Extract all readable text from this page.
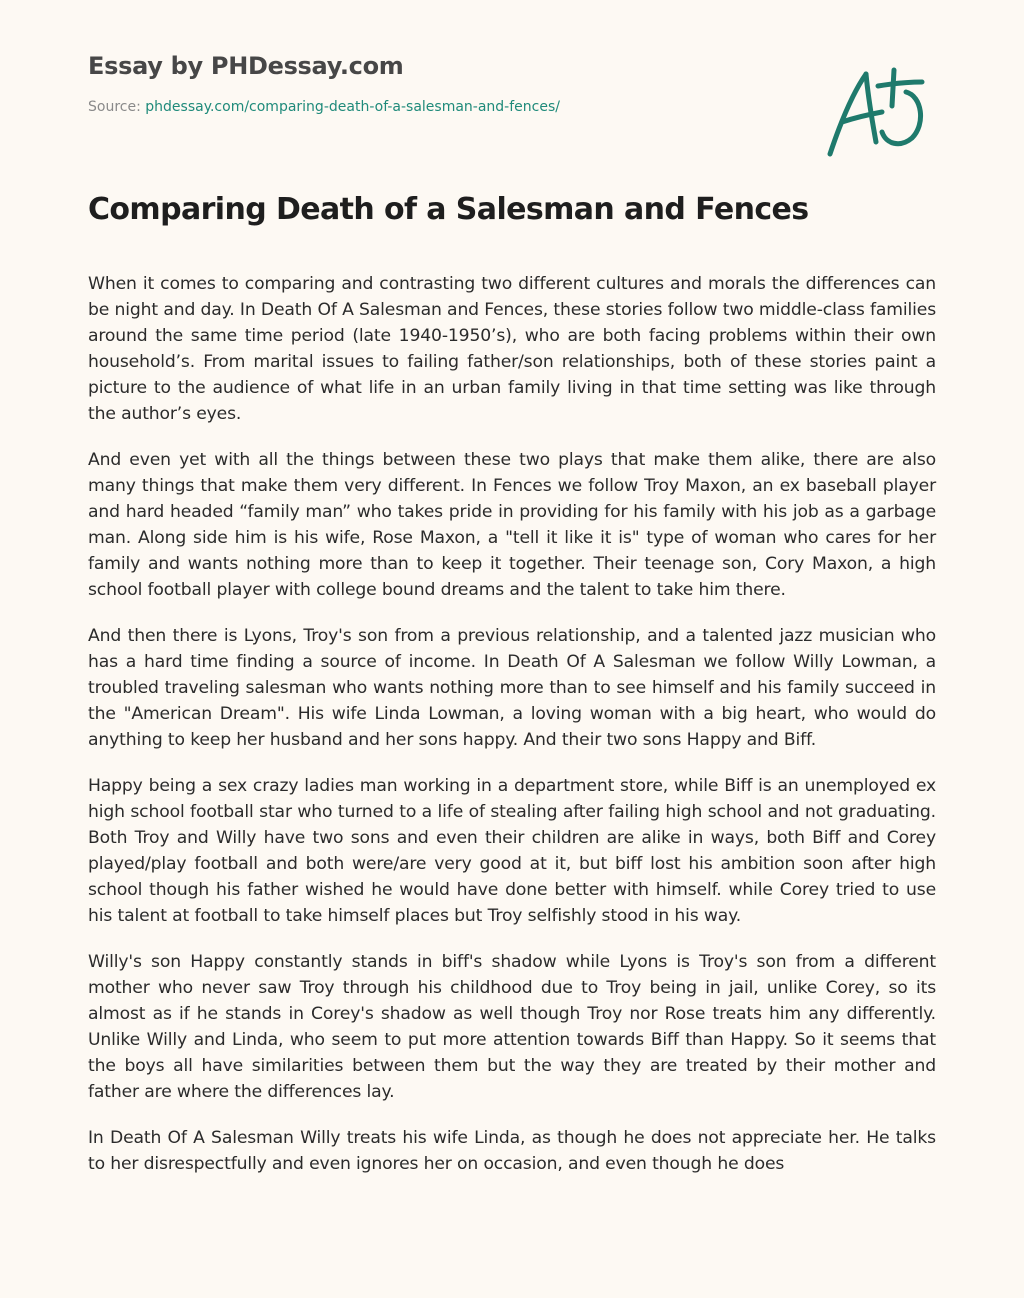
Essay by PHDessay.com
Source: phdessay.com/comparing-death-of-a-salesman-and-fences/
Comparing Death of a Salesman and Fences

When it comes to comparing and contrasting two different cultures and morals the differences can be night and day. In Death Of A Salesman and Fences, these stories follow two middle-class families around the same time period (late 1940-1950’s), who are both facing problems within their own household’s. From marital issues to failing father/son relationships, both of these stories paint a picture to the audience of what life in an urban family living in that time setting was like through the author’s eyes.

And even yet with all the things between these two plays that make them alike, there are also many things that make them very different. In Fences we follow Troy Maxon, an ex baseball player and hard headed “family man” who takes pride in providing for his family with his job as a garbage man. Along side him is his wife, Rose Maxon, a "tell it like it is" type of woman who cares for her family and wants nothing more than to keep it together. Their teenage son, Cory Maxon, a high school football player with college bound dreams and the talent to take him there.

And then there is Lyons, Troy's son from a previous relationship, and a talented jazz musician who has a hard time finding a source of income. In Death Of A Salesman we follow Willy Lowman, a troubled traveling salesman who wants nothing more than to see himself and his family succeed in the "American Dream". His wife Linda Lowman, a loving woman with a big heart, who would do anything to keep her husband and her sons happy. And their two sons Happy and Biff.

Happy being a sex crazy ladies man working in a department store, while Biff is an unemployed ex high school football star who turned to a life of stealing after failing high school and not graduating. Both Troy and Willy have two sons and even their children are alike in ways, both Biff and Corey played/play football and both were/are very good at it, but biff lost his ambition soon after high school though his father wished he would have done better with himself. while Corey tried to use his talent at football to take himself places but Troy selfishly stood in his way.

Willy's son Happy constantly stands in biff's shadow while Lyons is Troy's son from a different mother who never saw Troy through his childhood due to Troy being in jail, unlike Corey, so its almost as if he stands in Corey's shadow as well though Troy nor Rose treats him any differently. Unlike Willy and Linda, who seem to put more attention towards Biff than Happy. So it seems that the boys all have similarities between them but the way they are treated by their mother and father are where the differences lay.

In Death Of A Salesman Willy treats his wife Linda, as though he does not appreciate her. He talks to her disrespectfully and even ignores her on occasion, and even though he does
